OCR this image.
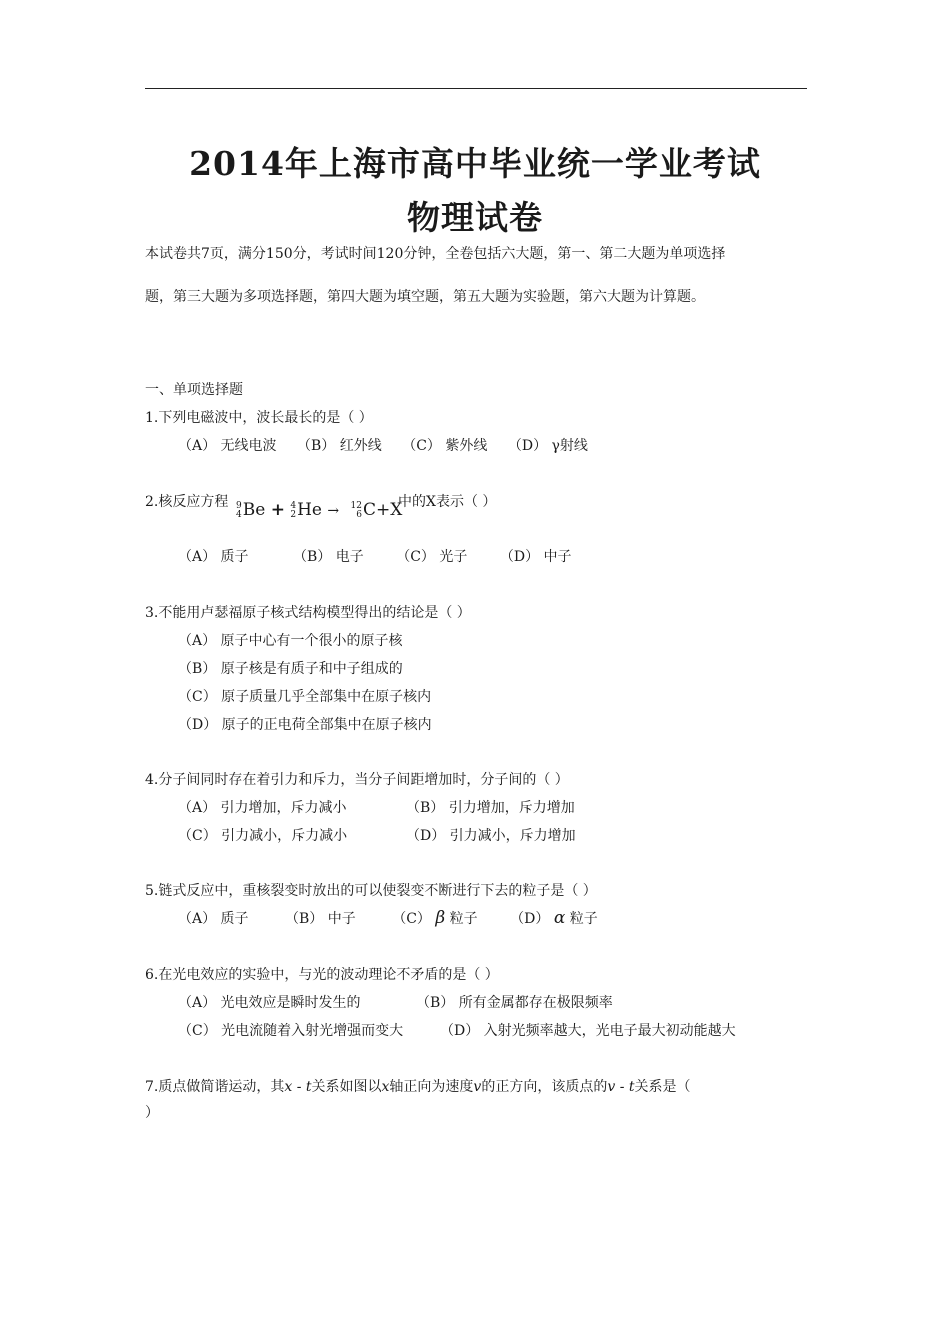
2014年上海市高中毕业统一学业考试
物理试卷
本试卷共7页，满分150分，考试时间120分钟，全卷包括六大题，第一、第二大题为单项选择
题，第三大题为多项选择题，第四大题为填空题，第五大题为实验题，第六大题为计算题。
一、单项选择题
1.下列电磁波中，波长最长的是（ ）
（A） 无线电波 （B） 红外线 （C） 紫外线 （D） γ射线
2.核反应方程 9
4 Be + 4
2 He → 12
6 C+X
中的X表示（ ）
（A） 质子	（B） 电子 （C） 光子 （D） 中子
3.不能用卢瑟福原子核式结构模型得出的结论是（ ）
（A） 原子中心有一个很小的原子核
（B） 原子核是有质子和中子组成的
（C） 原子质量几乎全部集中在原子核内
（D） 原子的正电荷全部集中在原子核内
4.分子间同时存在着引力和斥力，当分子间距增加时，分子间的（ ）
（A） 引力增加，斥力减小	（B） 引力增加，斥力增加
（C） 引力减小，斥力减小	（D） 引力减小，斥力增加
5.链式反应中，重核裂变时放出的可以使裂变不断进行下去的粒子是（ ）
（A） 质子	（B） 中子	（C） β 粒子 （D） α 粒子
6.在光电效应的实验中，与光的波动理论不矛盾的是（ ）
（A） 光电效应是瞬时发生的	（B） 所有金属都存在极限频率
（C） 光电流随着入射光增强而变大	（D） 入射光频率越大，光电子最大初动能越大
7.质点做简谐运动，其x - t关系如图以x轴正向为速度v的正方向，该质点的v - t关系是（
）
